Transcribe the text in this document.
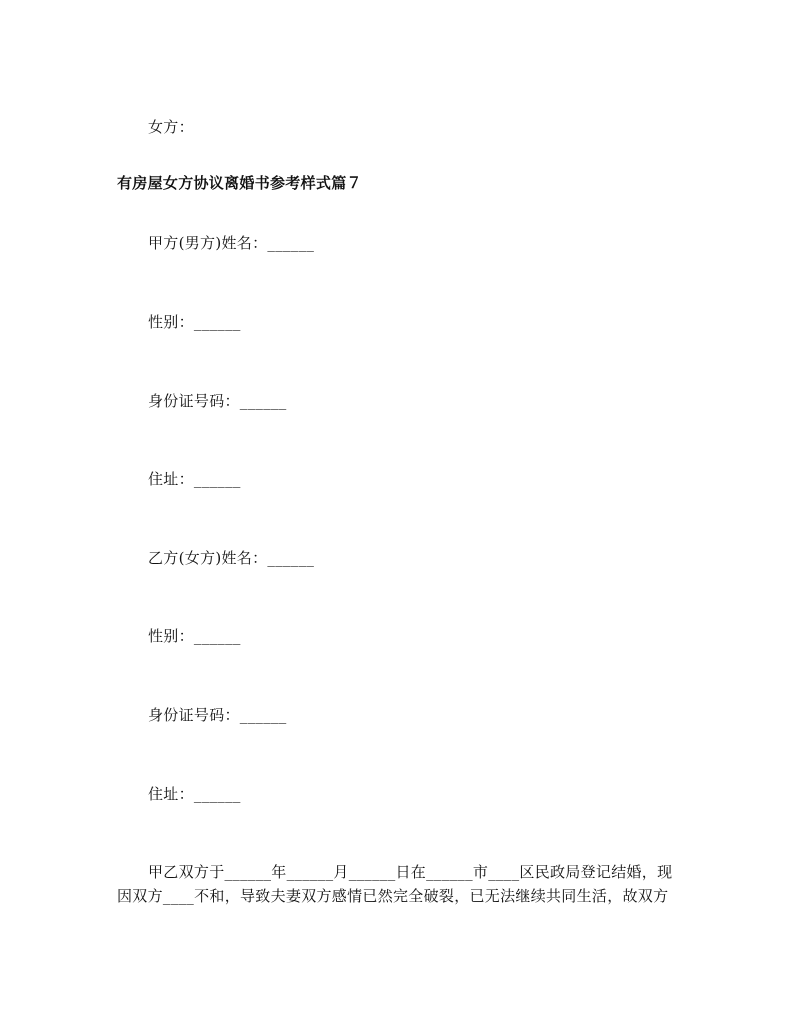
女方：
有房屋女方协议离婚书参考样式篇７
甲方(男方)姓名：______
性别：______
身份证号码：______
住址：______
乙方(女方)姓名：______
性别：______
身份证号码：______
住址：______
甲乙双方于______年______月______日在______市____区民政局登记结婚，现
因双方____不和，导致夫妻双方感情已然完全破裂，已无法继续共同生活，故双方
